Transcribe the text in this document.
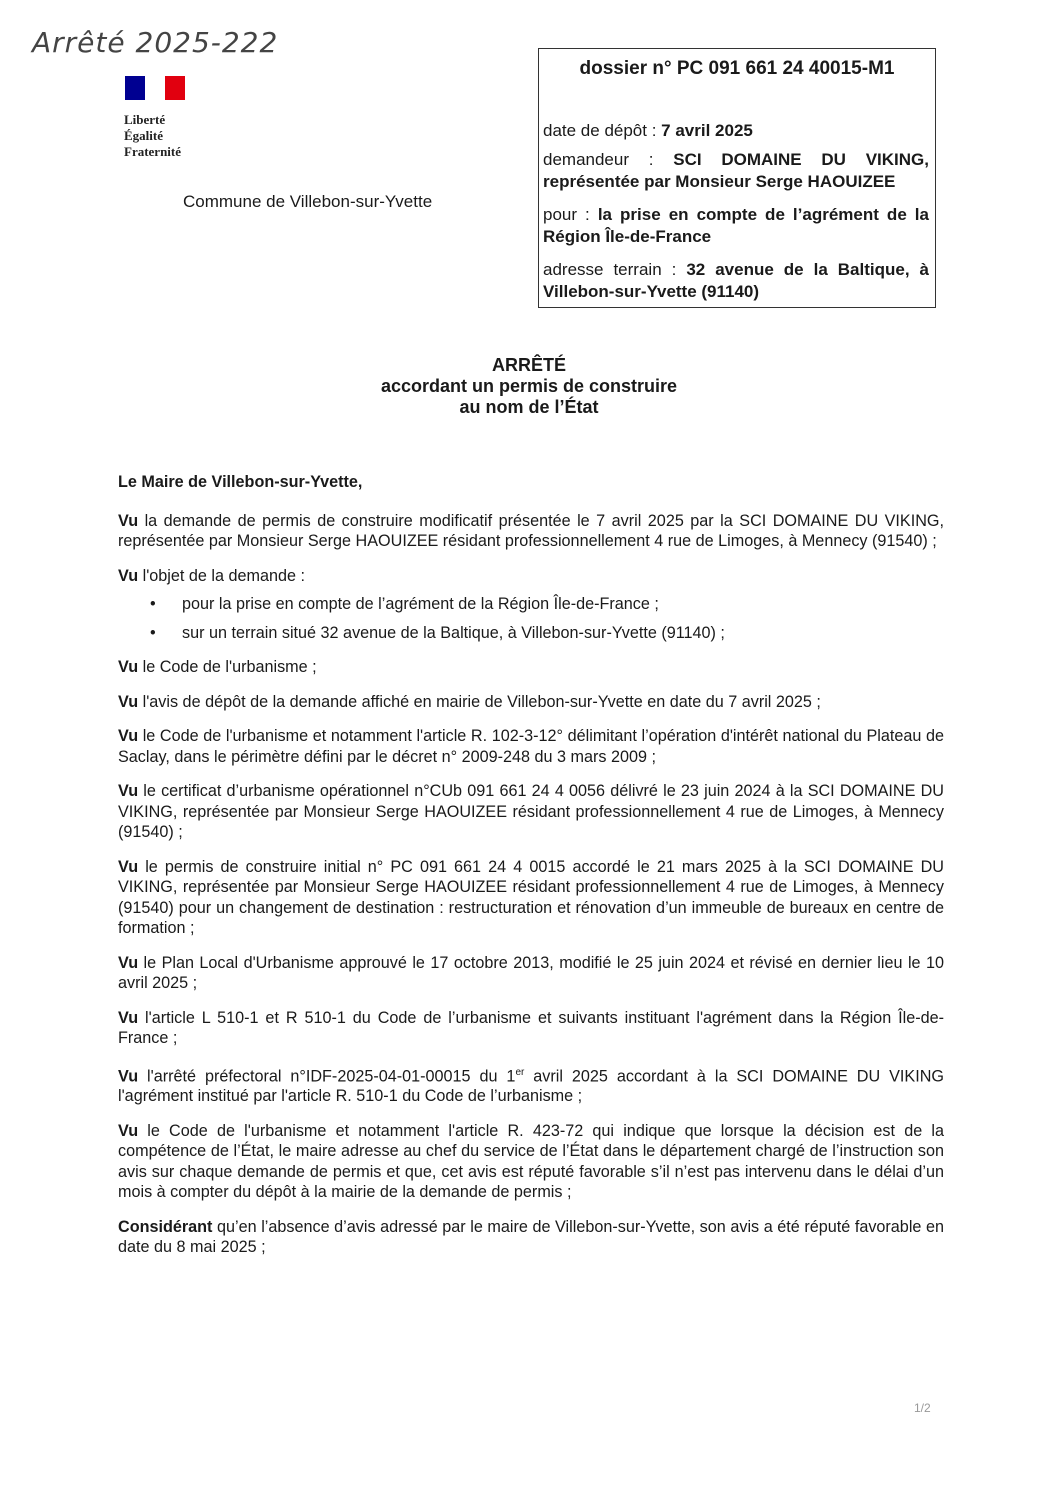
Arrêté 2025-222
Liberté
Égalité
Fraternité
Commune de Villebon-sur-Yvette
dossier n° PC 091 661 24 40015-M1
date de dépôt : 7 avril 2025
demandeur : SCI DOMAINE DU VIKING, représentée par Monsieur Serge HAOUIZEE
pour : la prise en compte de l’agrément de la Région Île-de-France
adresse terrain : 32 avenue de la Baltique, à Villebon-sur-Yvette (91140)
ARRÊTÉ
accordant un permis de construire
au nom de l’État

Le Maire de Villebon-sur-Yvette,

Vu la demande de permis de construire modificatif présentée le 7 avril 2025 par la SCI DOMAINE DU VIKING, représentée par Monsieur Serge HAOUIZEE résidant professionnellement 4 rue de Limoges, à Mennecy (91540) ;

Vu l'objet de la demande :

• pour la prise en compte de l’agrément de la Région Île-de-France ;
• sur un terrain situé 32 avenue de la Baltique, à Villebon-sur-Yvette (91140) ;

Vu le Code de l'urbanisme ;

Vu l'avis de dépôt de la demande affiché en mairie de Villebon-sur-Yvette en date du 7 avril 2025 ;

Vu le Code de l'urbanisme et notamment l'article R. 102-3-12° délimitant l’opération d'intérêt national du Plateau de Saclay, dans le périmètre défini par le décret n° 2009-248 du 3 mars 2009 ;

Vu le certificat d’urbanisme opérationnel n°CUb 091 661 24 4 0056 délivré le 23 juin 2024 à la SCI DOMAINE DU VIKING, représentée par Monsieur Serge HAOUIZEE résidant professionnellement 4 rue de Limoges, à Mennecy (91540) ;

Vu le permis de construire initial n° PC 091 661 24 4 0015 accordé le 21 mars 2025 à la SCI DOMAINE DU VIKING, représentée par Monsieur Serge HAOUIZEE résidant professionnellement 4 rue de Limoges, à Mennecy (91540) pour un changement de destination : restructuration et rénovation d’un immeuble de bureaux en centre de formation ;

Vu le Plan Local d'Urbanisme approuvé le 17 octobre 2013, modifié le 25 juin 2024 et révisé en dernier lieu le 10 avril 2025 ;

Vu l'article L 510-1 et R 510-1 du Code de l’urbanisme et suivants instituant l'agrément dans la Région Île-de-France ;

Vu l'arrêté préfectoral n°IDF-2025-04-01-00015 du 1er avril 2025 accordant à la SCI DOMAINE DU VIKING l'agrément institué par l'article R. 510-1 du Code de l’urbanisme ;

Vu le Code de l'urbanisme et notamment l'article R. 423-72 qui indique que lorsque la décision est de la compétence de l’État, le maire adresse au chef du service de l’État dans le département chargé de l’instruction son avis sur chaque demande de permis et que, cet avis est réputé favorable s’il n’est pas intervenu dans le délai d’un mois à compter du dépôt à la mairie de la demande de permis ;

Considérant qu’en l’absence d’avis adressé par le maire de Villebon-sur-Yvette, son avis a été réputé favorable en date du 8 mai 2025 ;

1/2
